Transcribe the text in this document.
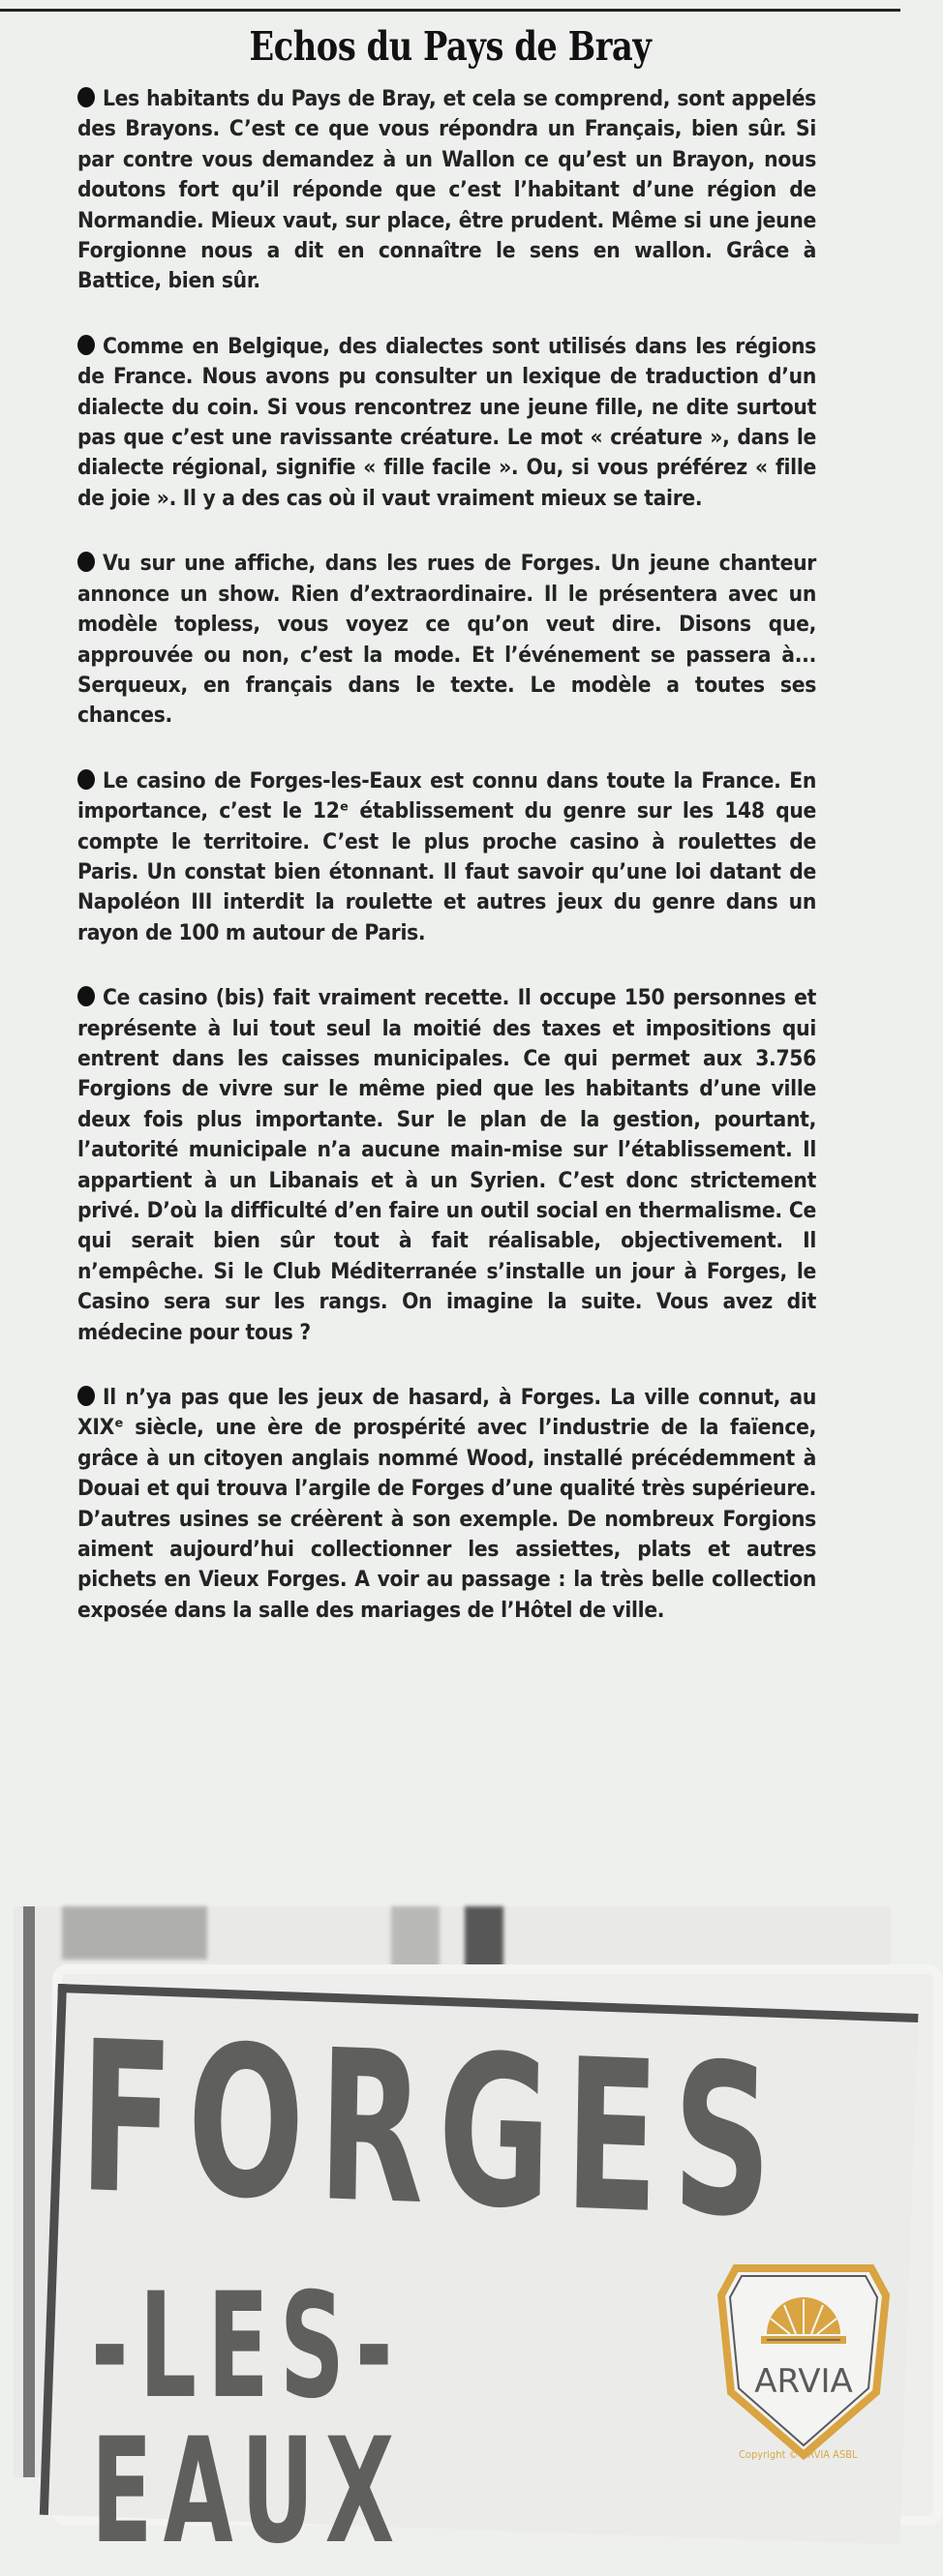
Echos du Pays de Bray

Les habitants du Pays de Bray, et cela se comprend, sont appelés des Brayons. C’est ce que vous répondra un Français, bien sûr. Si par contre vous demandez à un Wallon ce qu’est un Brayon, nous doutons fort qu’il réponde que c’est l’habitant d’une région de Normandie. Mieux vaut, sur place, être prudent. Même si une jeune Forgionne nous a dit en connaître le sens en wallon. Grâce à Battice, bien sûr.

Comme en Belgique, des dialectes sont utilisés dans les régions de France. Nous avons pu consulter un lexique de traduction d’un dialecte du coin. Si vous rencontrez une jeune fille, ne dite surtout pas que c’est une ravissante créature. Le mot « créature », dans le dialecte régional, signifie « fille facile ». Ou, si vous préférez « fille de joie ». Il y a des cas où il vaut vraiment mieux se taire.

Vu sur une affiche, dans les rues de Forges. Un jeune chanteur annonce un show. Rien d’extraordinaire. Il le présentera avec un modèle topless, vous voyez ce qu’on veut dire. Disons que, approuvée ou non, c’est la mode. Et l’événement se passera à... Serqueux, en français dans le texte. Le modèle a toutes ses chances.

Le casino de Forges-les-Eaux est connu dans toute la France. En importance, c’est le 12ᵉ établissement du genre sur les 148 que compte le territoire. C’est le plus proche casino à roulettes de Paris. Un constat bien étonnant. Il faut savoir qu’une loi datant de Napoléon III interdit la roulette et autres jeux du genre dans un rayon de 100 m autour de Paris.

Ce casino (bis) fait vraiment recette. Il occupe 150 personnes et représente à lui tout seul la moitié des taxes et impositions qui entrent dans les caisses municipales. Ce qui permet aux 3.756 Forgions de vivre sur le même pied que les habitants d’une ville deux fois plus importante. Sur le plan de la gestion, pourtant, l’autorité municipale n’a aucune main-mise sur l’établissement. Il appartient à un Libanais et à un Syrien. C’est donc strictement privé. D’où la difficulté d’en faire un outil social en thermalisme. Ce qui serait bien sûr tout à fait réalisable, objectivement. Il n’empêche. Si le Club Méditerranée s’installe un jour à Forges, le Casino sera sur les rangs. On imagine la suite. Vous avez dit médecine pour tous ?

Il n’ya pas que les jeux de hasard, à Forges. La ville connut, au XIXᵉ siècle, une ère de prospérité avec l’industrie de la faïence, grâce à un citoyen anglais nommé Wood, installé précédemment à Douai et qui trouva l’argile de Forges d’une qualité très supérieure. D’autres usines se créèrent à son exemple. De nombreux Forgions aiment aujourd’hui collectionner les assiettes, plats et autres pichets en Vieux Forges. A voir au passage : la très belle collection exposée dans la salle des mariages de l’Hôtel de ville.

FORGES
-LES-EAUX
ARVIA
Copyright © ARVIA ASBL
